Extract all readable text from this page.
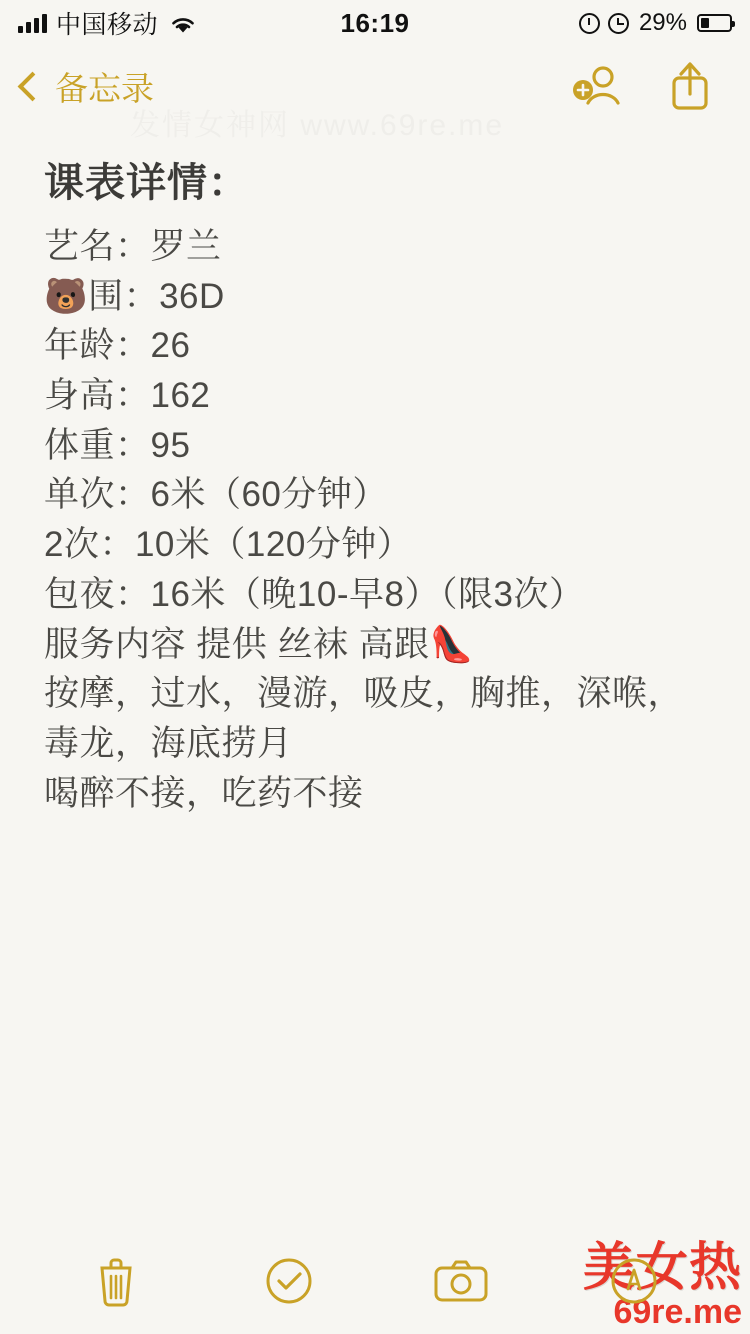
中国移动	16:19	29%
备忘录
发情女神网 www.69re.me
课表详情：
艺名：罗兰
🐻围：36D
年龄：26
身高：162
体重：95
单次：6米（60分钟）
2次：10米（120分钟）
包夜：16米（晚10-早8）（限3次）
服务内容 提供 丝袜 高跟👠
按摩，过水，漫游，吸皮，胸推，深喉，
毒龙，海底捞月
喝醉不接，吃药不接
美女热
69re.me
